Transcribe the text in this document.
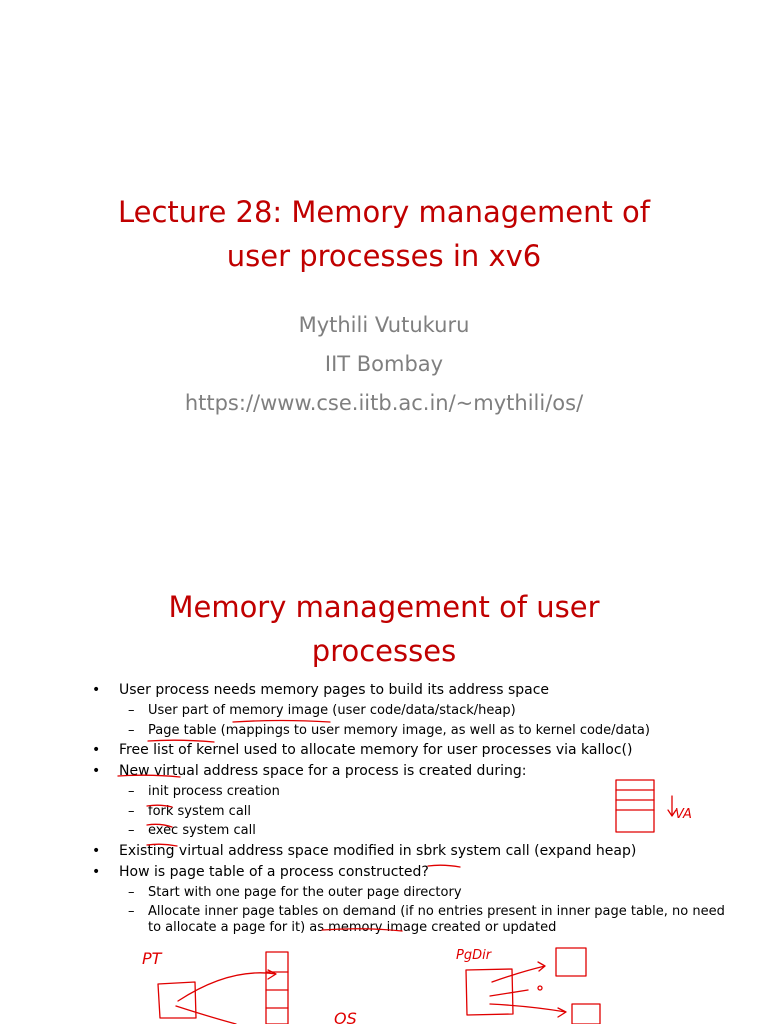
Lecture 28: Memory management of
user processes in xv6
Mythili Vutukuru
IIT Bombay
https://www.cse.iitb.ac.in/~mythili/os/
Memory management of user
processes
• User process needs memory pages to build its address space
– User part of memory image (user code/data/stack/heap)
– Page table (mappings to user memory image, as well as to kernel code/data)
• Free list of kernel used to allocate memory for user processes via kalloc()
• New virtual address space for a process is created during:
– init process creation
– fork system call
– exec system call
• Existing virtual address space modified in sbrk system call (expand heap)
• How is page table of a process constructed?
– Start with one page for the outer page directory
– Allocate inner page tables on demand (if no entries present in inner page table, no need to allocate a page for it) as memory image created or updated
VA
PT
OS
PgDir
